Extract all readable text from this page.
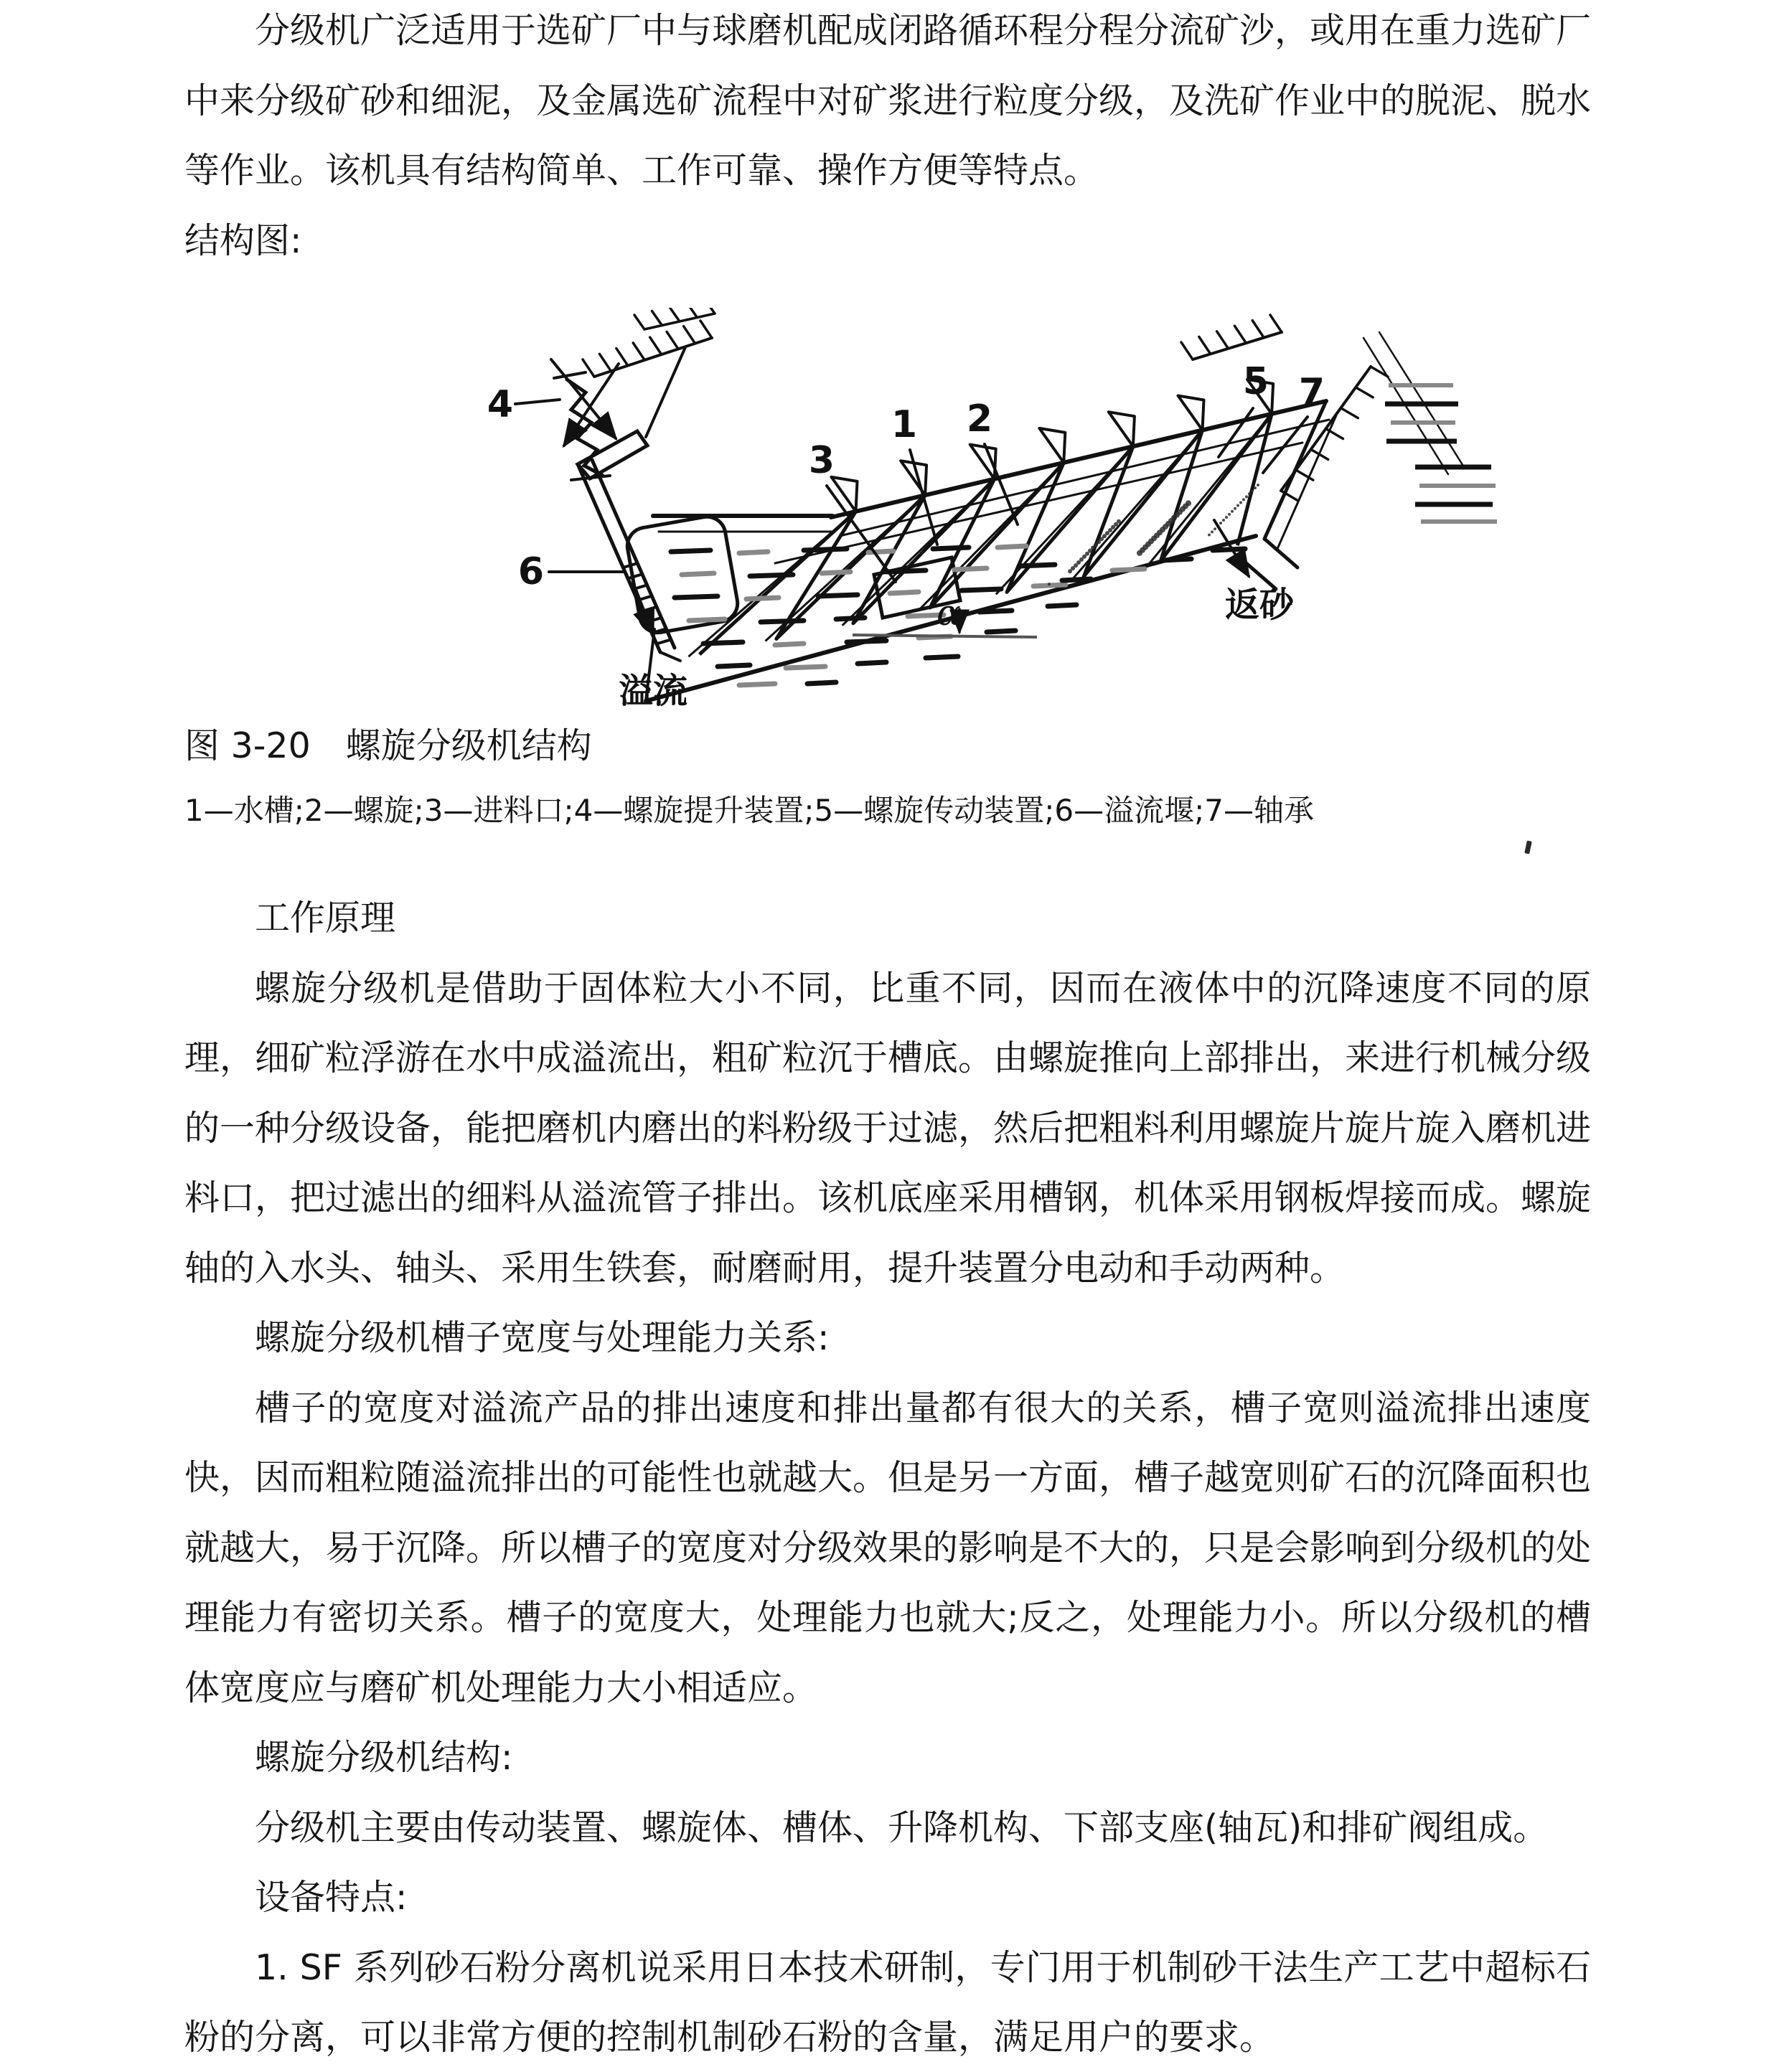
分级机广泛适用于选矿厂中与球磨机配成闭路循环程分程分流矿沙，或用在重力选矿厂中来分级矿砂和细泥，及金属选矿流程中对矿浆进行粒度分级，及洗矿作业中的脱泥、脱水等作业。该机具有结构简单、工作可靠、操作方便等特点。

结构图:

4
6
3
1 2
5 7
α
溢流
返砂

图 3-20　螺旋分级机结构

1—水槽;2—螺旋;3—进料口;4—螺旋提升装置;5—螺旋传动装置;6—溢流堰;7—轴承

工作原理

螺旋分级机是借助于固体粒大小不同，比重不同，因而在液体中的沉降速度不同的原理，细矿粒浮游在水中成溢流出，粗矿粒沉于槽底。由螺旋推向上部排出，来进行机械分级的一种分级设备，能把磨机内磨出的料粉级于过滤，然后把粗料利用螺旋片旋片旋入磨机进料口，把过滤出的细料从溢流管子排出。该机底座采用槽钢，机体采用钢板焊接而成。螺旋轴的入水头、轴头、采用生铁套，耐磨耐用，提升装置分电动和手动两种。

螺旋分级机槽子宽度与处理能力关系:

槽子的宽度对溢流产品的排出速度和排出量都有很大的关系，槽子宽则溢流排出速度快，因而粗粒随溢流排出的可能性也就越大。但是另一方面，槽子越宽则矿石的沉降面积也就越大，易于沉降。所以槽子的宽度对分级效果的影响是不大的，只是会影响到分级机的处理能力有密切关系。槽子的宽度大，处理能力也就大;反之，处理能力小。所以分级机的槽体宽度应与磨矿机处理能力大小相适应。

螺旋分级机结构:

分级机主要由传动装置、螺旋体、槽体、升降机构、下部支座(轴瓦)和排矿阀组成。

设备特点:

1. SF 系列砂石粉分离机说采用日本技术研制，专门用于机制砂干法生产工艺中超标石粉的分离，可以非常方便的控制机制砂石粉的含量，满足用户的要求。
